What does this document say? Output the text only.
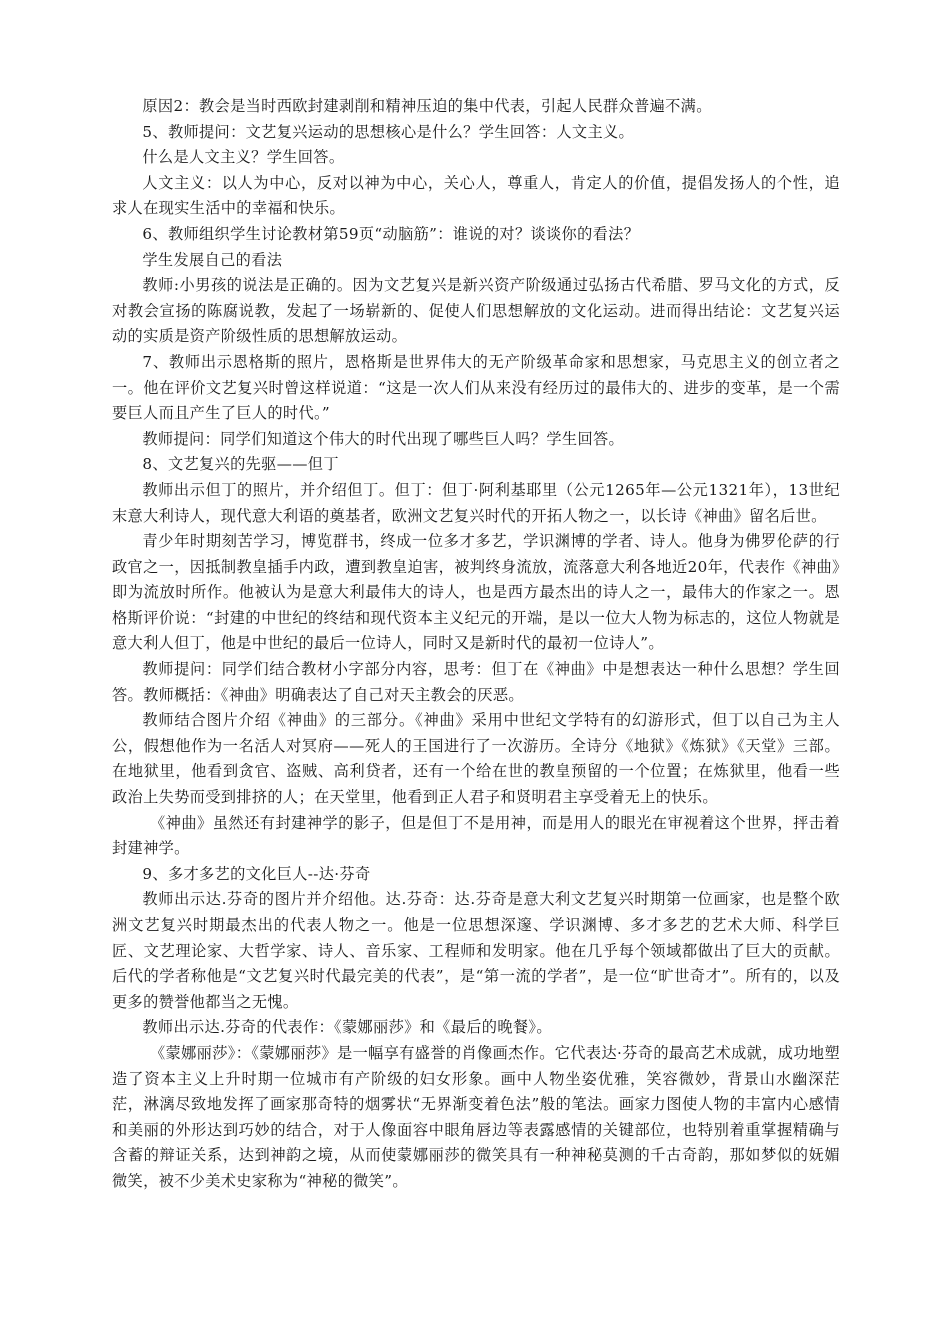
原因2：教会是当时西欧封建剥削和精神压迫的集中代表，引起人民群众普遍不满。

5、教师提问：文艺复兴运动的思想核心是什么？学生回答：人文主义。

什么是人文主义？学生回答。

人文主义：以人为中心，反对以神为中心，关心人，尊重人，肯定人的价值，提倡发扬人的个性，追求人在现实生活中的幸福和快乐。

6、教师组织学生讨论教材第59页“动脑筋”：谁说的对？谈谈你的看法？

学生发展自己的看法

教师:小男孩的说法是正确的。因为文艺复兴是新兴资产阶级通过弘扬古代希腊、罗马文化的方式，反对教会宣扬的陈腐说教，发起了一场崭新的、促使人们思想解放的文化运动。进而得出结论：文艺复兴运动的实质是资产阶级性质的思想解放运动。

7、教师出示恩格斯的照片，恩格斯是世界伟大的无产阶级革命家和思想家，马克思主义的创立者之一。他在评价文艺复兴时曾这样说道：“这是一次人们从来没有经历过的最伟大的、进步的变革，是一个需要巨人而且产生了巨人的时代。”

教师提问：同学们知道这个伟大的时代出现了哪些巨人吗？学生回答。

8、文艺复兴的先驱——但丁

教师出示但丁的照片，并介绍但丁。但丁：但丁·阿利基耶里（公元1265年—公元1321年），13世纪末意大利诗人，现代意大利语的奠基者，欧洲文艺复兴时代的开拓人物之一，以长诗《神曲》留名后世。

青少年时期刻苦学习，博览群书，终成一位多才多艺，学识渊博的学者、诗人。他身为佛罗伦萨的行政官之一，因抵制教皇插手内政，遭到教皇迫害，被判终身流放，流落意大利各地近20年，代表作《神曲》即为流放时所作。他被认为是意大利最伟大的诗人，也是西方最杰出的诗人之一，最伟大的作家之一。恩格斯评价说：“封建的中世纪的终结和现代资本主义纪元的开端，是以一位大人物为标志的，这位人物就是意大利人但丁，他是中世纪的最后一位诗人，同时又是新时代的最初一位诗人”。

教师提问：同学们结合教材小字部分内容，思考：但丁在《神曲》中是想表达一种什么思想？学生回答。教师概括：《神曲》明确表达了自己对天主教会的厌恶。

教师结合图片介绍《神曲》的三部分。《神曲》采用中世纪文学特有的幻游形式，但丁以自己为主人公，假想他作为一名活人对冥府——死人的王国进行了一次游历。全诗分《地狱》《炼狱》《天堂》三部。在地狱里，他看到贪官、盗贼、高利贷者，还有一个给在世的教皇预留的一个位置；在炼狱里，他看一些政治上失势而受到排挤的人；在天堂里，他看到正人君子和贤明君主享受着无上的快乐。

《神曲》虽然还有封建神学的影子，但是但丁不是用神，而是用人的眼光在审视着这个世界，抨击着封建神学。

9、多才多艺的文化巨人--达·芬奇

教师出示达.芬奇的图片并介绍他。达.芬奇：达.芬奇是意大利文艺复兴时期第一位画家，也是整个欧洲文艺复兴时期最杰出的代表人物之一。他是一位思想深邃、学识渊博、多才多艺的艺术大师、科学巨匠、文艺理论家、大哲学家、诗人、音乐家、工程师和发明家。他在几乎每个领域都做出了巨大的贡献。后代的学者称他是“文艺复兴时代最完美的代表”，是“第一流的学者”，是一位“旷世奇才”。所有的，以及更多的赞誉他都当之无愧。

教师出示达.芬奇的代表作：《蒙娜丽莎》和《最后的晚餐》。

《蒙娜丽莎》：《蒙娜丽莎》是一幅享有盛誉的肖像画杰作。它代表达·芬奇的最高艺术成就，成功地塑造了资本主义上升时期一位城市有产阶级的妇女形象。画中人物坐姿优雅，笑容微妙，背景山水幽深茫茫，淋漓尽致地发挥了画家那奇特的烟雾状“无界渐变着色法”般的笔法。画家力图使人物的丰富内心感情和美丽的外形达到巧妙的结合，对于人像面容中眼角唇边等表露感情的关键部位，也特别着重掌握精确与含蓄的辩证关系，达到神韵之境，从而使蒙娜丽莎的微笑具有一种神秘莫测的千古奇韵，那如梦似的妩媚微笑，被不少美术史家称为“神秘的微笑”。
